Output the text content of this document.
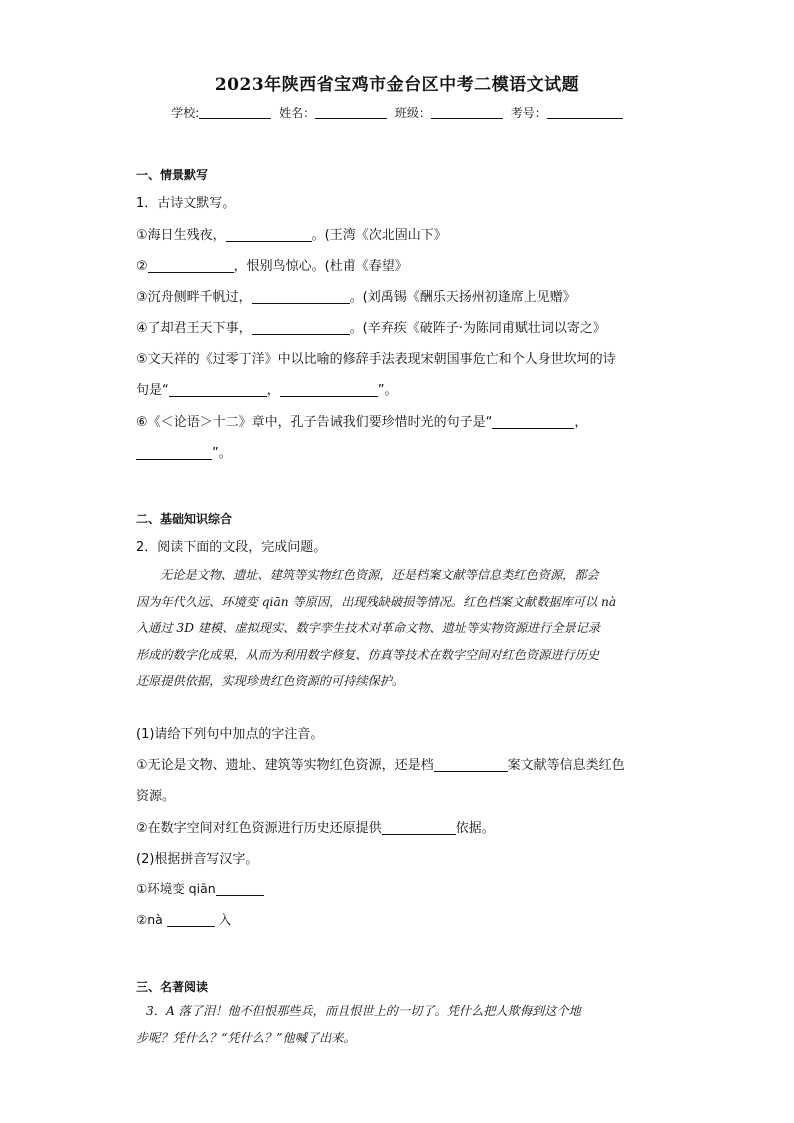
2023年陕西省宝鸡市金台区中考二模语文试题
学校:	姓名：	班级：	考号：
一、情景默写
1．古诗文默写。
①海日生残夜，	。(王湾《次北固山下》
②	，恨别鸟惊心。(杜甫《春望》
③沉舟侧畔千帆过，	。(刘禹锡《酬乐天扬州初逢席上见赠》
④了却君王天下事，	。(辛弃疾《破阵子·为陈同甫赋壮词以寄之》
⑤文天祥的《过零丁洋》中以比喻的修辞手法表现宋朝国事危亡和个人身世坎坷的诗
句是“	，	”。
⑥《＜论语＞十二》章中，孔子告诫我们要珍惜时光的句子是“	，
”。
二、基础知识综合
2．阅读下面的文段，完成问题。
无论是文物、遗址、建筑等实物红色资源，还是档案文献等信息类红色资源，都会
因为年代久远、环境变 qiān 等原因，出现残缺破损等情况。红色档案文献数据库可以 nà
入通过 3D 建模、虚拟现实、数字孪生技术对革命文物、遗址等实物资源进行全景记录
形成的数字化成果，从而为利用数字修复、仿真等技术在数字空间对红色资源进行历史
还原提供依据，实现珍贵红色资源的可持续保护。
(1)请给下列句中加点的字注音。
①无论是文物、遗址、建筑等实物红色资源，还是档	案文献等信息类红色
资源。
②在数字空间对红色资源进行历史还原提供	依据。
(2)根据拼音写汉字。
①环境变 qiān
②nà	入
三、名著阅读
3．A 落了泪！他不但恨那些兵，而且恨世上的一切了。凭什么把人欺侮到这个地
步呢？凭什么？“凭什么？”他喊了出来。
